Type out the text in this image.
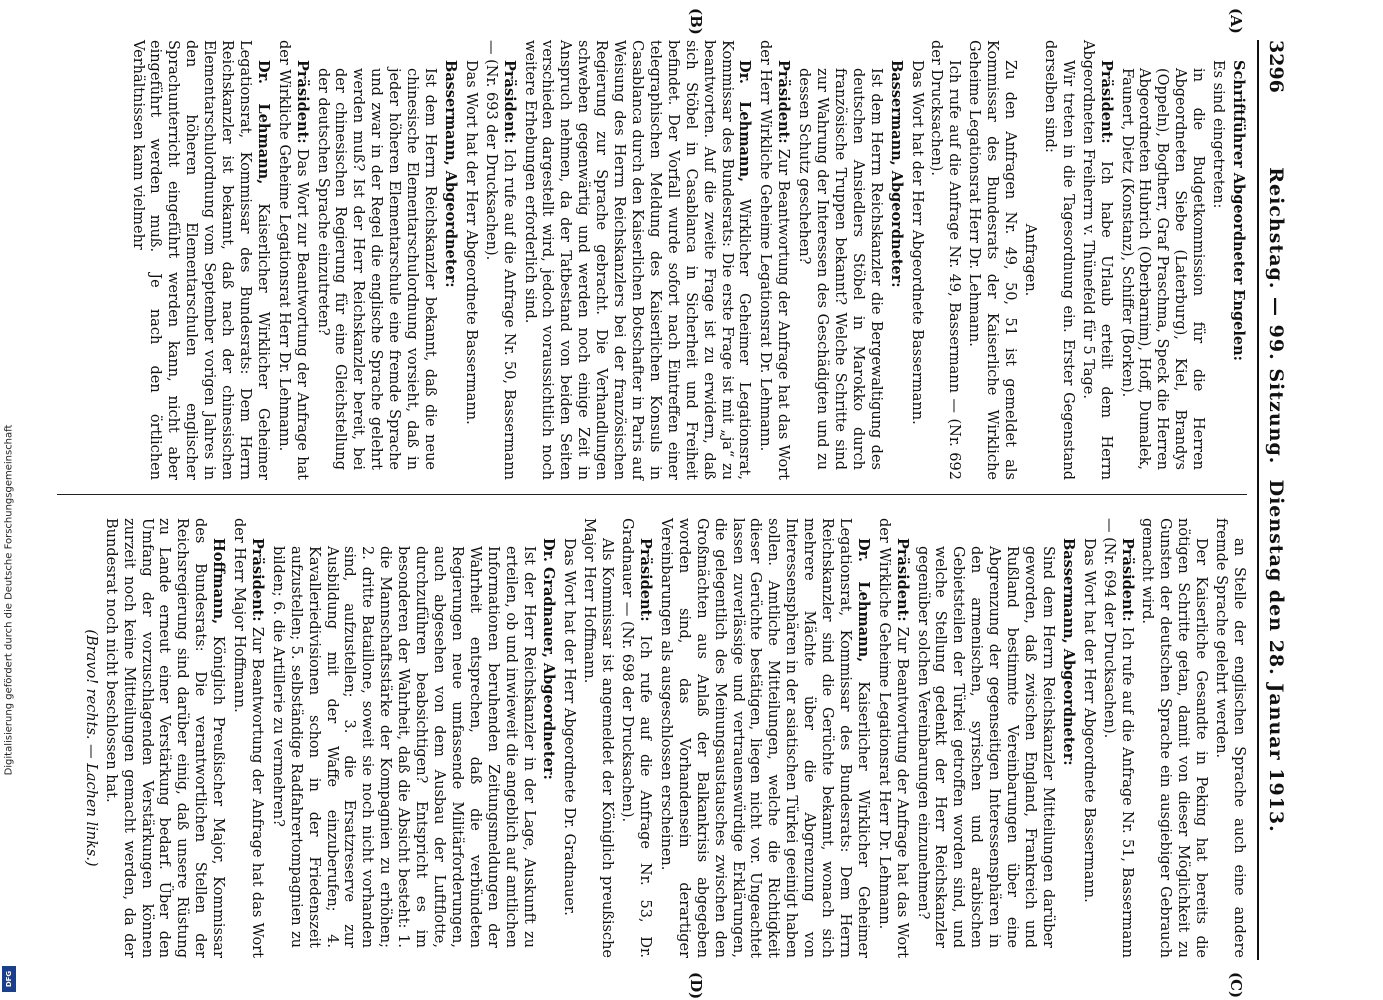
Digitalisierung gefördert durch die Deutsche Forschungsgemeinschaft
DFG
3296
Reichstag. — 99. Sitzung.  Dienstag den 28. Januar 1913.
(A)
(B)
(C)
(D)

Schriftführer Abgeordneter Engelen:

Es sind eingetreten:

in die Budgetkommission für die Herren Abgeordneten Siebe (Laterburg), Kiel, Brandys (Oppeln), Bogtherr, Graf Praschma, Speck die Herren Abgeordneten Hubrich (Oberbarnim), Hoff, Dumalek, Faunert, Dietz (Konstanz), Schiffer (Borken).

Präsident: Ich habe Urlaub erteilt dem Herrn Abgeordneten Freiherrn v. Thünefeld für 5 Tage.

Wir treten in die Tagesordnung ein. Erster Gegenstand derselben sind:

Anfragen.

Zu den Anfragen Nr. 49, 50, 51 ist gemeldet als Kommissar des Bundesrats der Kaiserliche Wirkliche Geheime Legationsrat Herr Dr. Lehmann.

Ich rufe auf die Anfrage Nr. 49, Bassermann — (Nr. 692 der Drucksachen).

Das Wort hat der Herr Abgeordnete Bassermann.

Bassermann, Abgeordneter:

Ist dem Herrn Reichskanzler die Bergewaltigung des deutschen Ansiedlers Stöbel in Marokko durch französische Truppen bekannt? Welche Schritte sind zur Wahrung der Interessen des Geschädigten und zu dessen Schutz geschehen?

Präsident: Zur Beantwortung der Anfrage hat das Wort der Herr Wirkliche Geheime Legationsrat Dr. Lehmann.

Dr. Lehmann, Wirklicher Geheimer Legationsrat, Kommissar des Bundesrats: Die erste Frage ist mit „ja“ zu beantworten. Auf die zweite Frage ist zu erwidern, daß sich Stöbel in Casablanca in Sicherheit und Freiheit befindet. Der Vorfall wurde sofort nach Eintreffen einer telegraphischen Meldung des Kaiserlichen Konsuls in Casablanca durch den Kaiserlichen Botschafter in Paris auf Weisung des Herrn Reichskanzlers bei der französischen Regierung zur Sprache gebracht. Die Verhandlungen schweben gegenwärtig und werden noch einige Zeit in Anspruch nehmen, da der Tatbestand von beiden Seiten verschieden dargestellt wird, jedoch voraussichtlich noch weitere Erhebungen erforderlich sind.

Präsident: Ich rufe auf die Anfrage Nr. 50, Bassermann — (Nr. 693 der Drucksachen).

Das Wort hat der Herr Abgeordnete Bassermann.

Bassermann, Abgeordneter:

Ist dem Herrn Reichskanzler bekannt, daß die neue chinesische Elementarschulordnung vorsieht, daß in jeder höheren Elementarschule eine fremde Sprache und zwar in der Regel die englische Sprache gelehrt werden muß? Ist der Herr Reichskanzler bereit, bei der chinesischen Regierung für eine Gleichstellung der deutschen Sprache einzutreten?

Präsident: Das Wort zur Beantwortung der Anfrage hat der Wirkliche Geheime Legationsrat Herr Dr. Lehmann.

Dr. Lehmann, Kaiserlicher Wirklicher Geheimer Legationsrat, Kommissar des Bundesrats: Dem Herrn Reichskanzler ist bekannt, daß nach der chinesischen Elementarschulordnung vom September vorigen Jahres in den höheren Elementarschulen englischer Sprachunterricht eingeführt werden kann, nicht aber eingeführt werden muß. Je nach den örtlichen Verhältnissen kann vielmehr

an Stelle der englischen Sprache auch eine andere fremde Sprache gelehrt werden.

Der Kaiserliche Gesandte in Peking hat bereits die nötigen Schritte getan, damit von dieser Möglichkeit zu Gunsten der deutschen Sprache ein ausgiebiger Gebrauch gemacht wird.

Präsident: Ich rufe auf die Anfrage Nr. 51, Bassermann — (Nr. 694 der Drucksachen).

Das Wort hat der Herr Abgeordnete Bassermann.

Bassermann, Abgeordneter:

Sind dem Herrn Reichskanzler Mitteilungen darüber geworden, daß zwischen England, Frankreich und Rußland bestimmte Vereinbarungen über eine Abgrenzung der gegenseitigen Interessensphären in den armenischen, syrischen und arabischen Gebietsteilen der Türkei getroffen worden sind, und welche Stellung gedenkt der Herr Reichskanzler gegenüber solchen Vereinbarungen einzunehmen?

Präsident: Zur Beantwortung der Anfrage hat das Wort der Wirkliche Geheime Legationsrat Herr Dr. Lehmann.

Dr. Lehmann, Kaiserlicher Wirklicher Geheimer Legationsrat, Kommissar des Bundesrats: Dem Herrn Reichskanzler sind die Gerüchte bekannt, wonach sich mehrere Mächte über die Abgrenzung von Interessensphären in der asiatischen Türkei geeinigt haben sollen. Amtliche Mitteilungen, welche die Richtigkeit dieser Gerüchte bestätigen, liegen nicht vor. Ungeachtet lassen zuverlässige und vertrauenswürdige Erklärungen, die gelegentlich des Meinungsaustausches zwischen den Großmächten aus Anlaß der Balkankrisis abgegeben worden sind, das Vorhandensein derartiger Vereinbarungen als ausgeschlossen erscheinen.

Präsident: Ich rufe auf die Anfrage Nr. 53, Dr. Gradnauer — (Nr. 698 der Drucksachen).

Als Kommissar ist angemeldet der Königlich preußische Major Herr Hoffmann.

Das Wort hat der Herr Abgeordnete Dr. Gradnauer.

Dr. Gradnauer, Abgeordneter:

Ist der Herr Reichskanzler in der Lage, Auskunft zu erteilen, ob und inwieweit die angeblich auf amtlichen Informationen beruhenden Zeitungsmeldungen der Wahrheit entsprechen, daß die verbündeten Regierungen neue umfassende Militärforderungen, auch abgesehen von dem Ausbau der Luftflotte, durchzuführen beabsichtigen? Entspricht es im besonderen der Wahrheit, daß die Absicht besteht: 1. die Mannschaftsstärke der Kompagnien zu erhöhen; 2. dritte Bataillone, soweit sie noch nicht vorhanden sind, aufzustellen; 3. die Ersatzreserve zur Ausbildung mit der Waffe einzuberufen; 4. Kavalleriedivisionen schon in der Friedenszeit aufzustellen; 5. selbständige Radfahrertompagnien zu bilden; 6. die Artillerie zu vermehren?

Präsident: Zur Beantwortung der Anfrage hat das Wort der Herr Major Hoffmann.

Hoffmann, Königlich Preußischer Major, Kommissar des Bundesrats: Die verantwortlichen Stellen der Reichsregierung sind darüber einig, daß unsere Rüstung zu Lande erneut einer Verstärkung bedarf. Über den Umfang der vorzuschlagenden Verstärkungen können zurzeit noch keine Mitteilungen gemacht werden, da der Bundesrat noch nicht beschlossen hat.

(Bravo! rechts. — Lachen links.)
